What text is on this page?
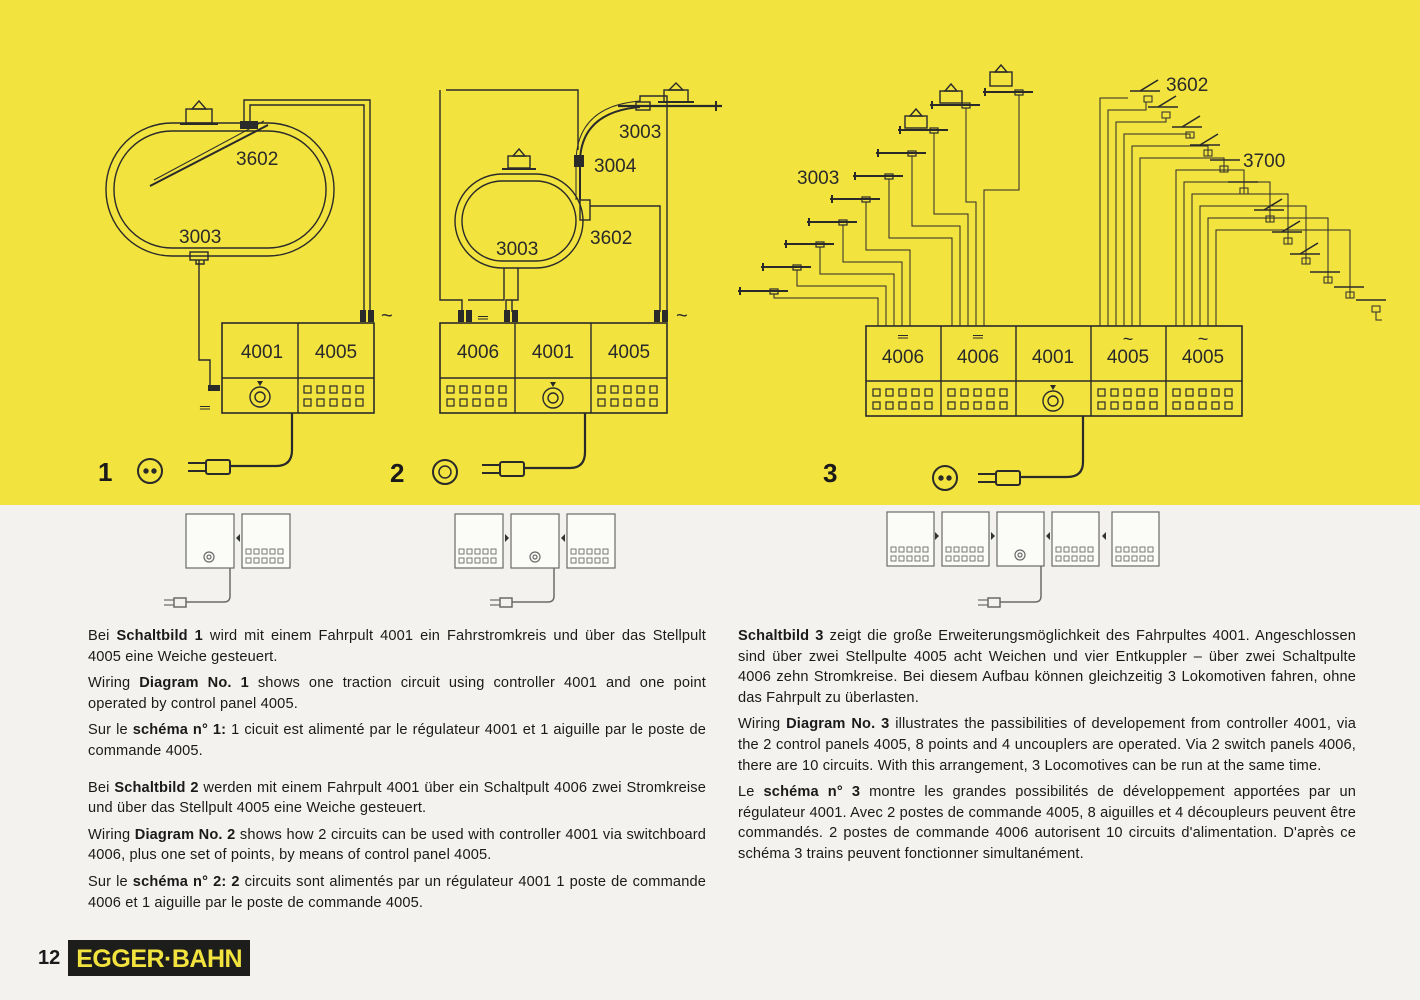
~
═
4001 4005
1
3602
3003
═	~
4006 4001 4005
2
3003
3004
3602
3003
═	═	~	~
4006 4006 4001 4005 4005
3
3003
3602
3700

Bei Schaltbild 1 wird mit einem Fahrpult 4001 ein Fahrstromkreis und über das Stellpult 4005 eine Weiche gesteuert.

Wiring Diagram No. 1 shows one traction circuit using controller 4001 and one point operated by control panel 4005.

Sur le schéma n° 1: 1 cicuit est alimenté par le régulateur 4001 et 1 aiguille par le poste de commande 4005.

Bei Schaltbild 2 werden mit einem Fahrpult 4001 über ein Schaltpult 4006 zwei Stromkreise und über das Stellpult 4005 eine Weiche gesteuert.

Wiring Diagram No. 2 shows how 2 circuits can be used with controller 4001 via switchboard 4006, plus one set of points, by means of control panel 4005.

Sur le schéma n° 2: 2 circuits sont alimentés par un régulateur 4001 1 poste de commande 4006 et 1 aiguille par le poste de commande 4005.

Schaltbild 3 zeigt die große Erweiterungsmöglichkeit des Fahrpultes 4001. Angeschlossen sind über zwei Stellpulte 4005 acht Weichen und vier Entkuppler – über zwei Schaltpulte 4006 zehn Stromkreise. Bei diesem Aufbau können gleichzeitig 3 Lokomotiven fahren, ohne das Fahrpult zu überlasten.

Wiring Diagram No. 3 illustrates the passibilities of developement from controller 4001, via the 2 control panels 4005, 8 points and 4 uncouplers are operated. Via 2 switch panels 4006, there are 10 circuits. With this arrangement, 3 Locomotives can be run at the same time.

Le schéma n° 3 montre les grandes possibilités de développement apportées par un régulateur 4001. Avec 2 postes de commande 4005, 8 aiguilles et 4 découpleurs peuvent être commandés. 2 postes de commande 4006 autorisent 10 circuits d'alimentation. D'après ce schéma 3 trains peuvent fonctionner simultanément.

12 EGGER·BAHN
